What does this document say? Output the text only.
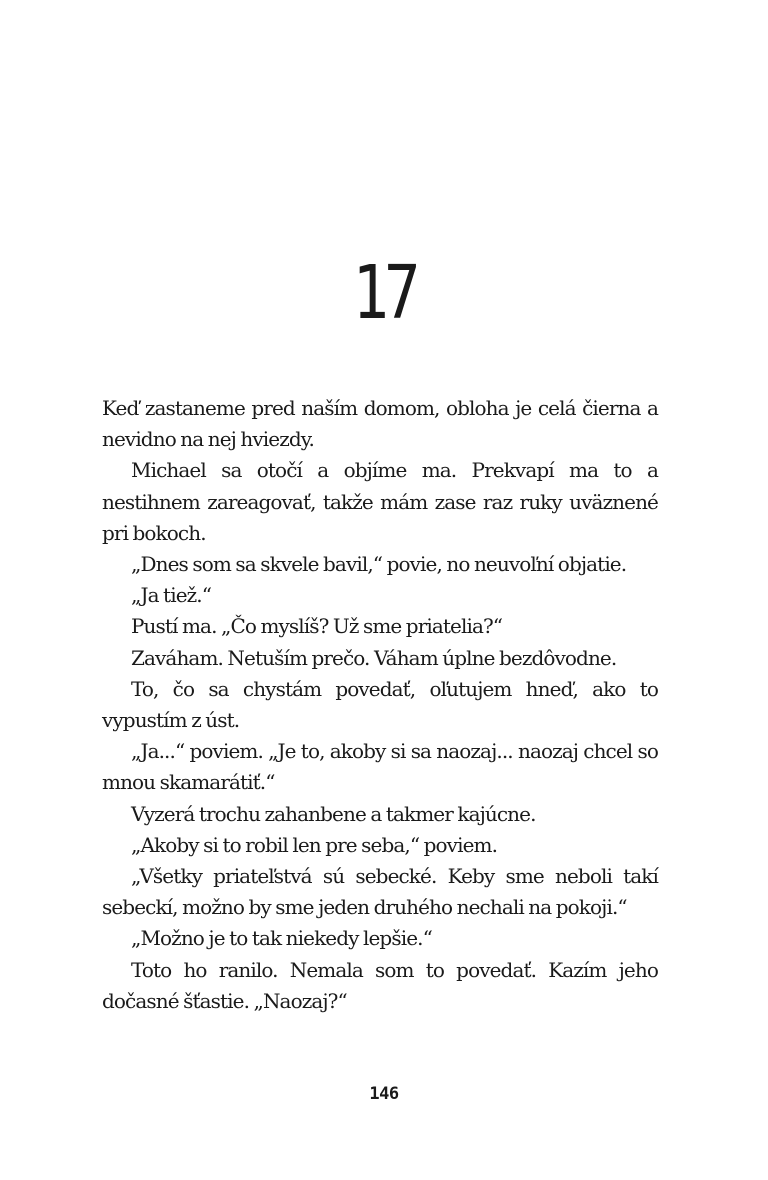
17

Keď zastaneme pred naším domom, obloha je celá čierna a nevidno na nej hviezdy.

Michael sa otočí a objíme ma. Prekvapí ma to a nestihnem zareagovať, takže mám zase raz ruky uväznené pri bokoch.

„Dnes som sa skvele bavil,“ povie, no neuvoľní objatie.

„Ja tiež.“

Pustí ma. „Čo myslíš? Už sme priatelia?“

Zaváham. Netuším prečo. Váham úplne bezdôvodne.

To, čo sa chystám povedať, oľutujem hneď, ako to vypustím z úst.

„Ja...“ poviem. „Je to, akoby si sa naozaj... naozaj chcel so mnou skamarátiť.“

Vyzerá trochu zahanbene a takmer kajúcne.

„Akoby si to robil len pre seba,“ poviem.

„Všetky priateľstvá sú sebecké. Keby sme neboli takí sebeckí, možno by sme jeden druhého nechali na pokoji.“

„Možno je to tak niekedy lepšie.“

Toto ho ranilo. Nemala som to povedať. Kazím jeho dočasné šťastie. „Naozaj?“

146
